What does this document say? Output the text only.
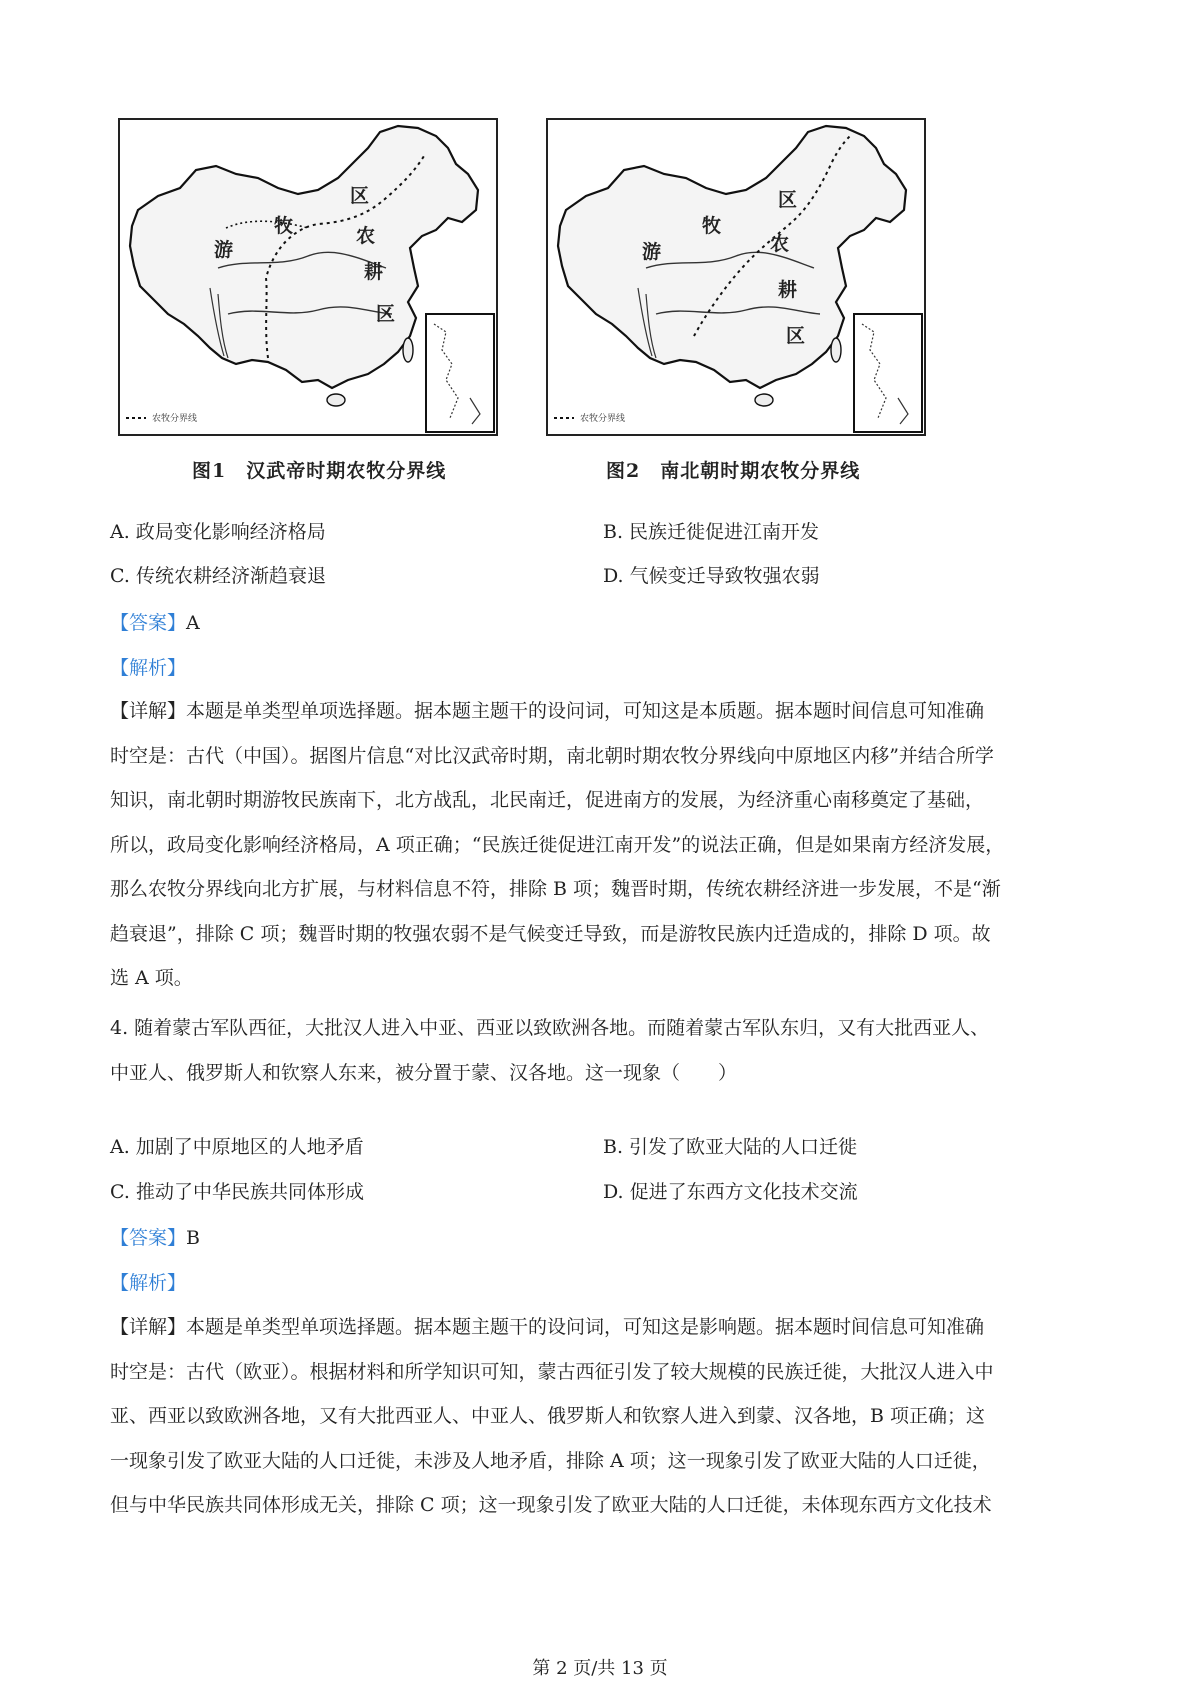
游
牧
区
农
耕
区
农牧分界线
游
牧
区
农
耕
区
农牧分界线
图1　汉武帝时期农牧分界线	图2　南北朝时期农牧分界线
A. 政局变化影响经济格局	B. 民族迁徙促进江南开发
C. 传统农耕经济渐趋衰退	D. 气候变迁导致牧强农弱
【答案】A
【解析】
【详解】本题是单类型单项选择题。据本题主题干的设问词，可知这是本质题。据本题时间信息可知准确
时空是：古代（中国）。据图片信息“对比汉武帝时期，南北朝时期农牧分界线向中原地区内移”并结合所学
知识，南北朝时期游牧民族南下，北方战乱，北民南迁，促进南方的发展，为经济重心南移奠定了基础，
所以，政局变化影响经济格局，A 项正确；“民族迁徙促进江南开发”的说法正确，但是如果南方经济发展，
那么农牧分界线向北方扩展，与材料信息不符，排除 B 项；魏晋时期，传统农耕经济进一步发展，不是“渐
趋衰退”，排除 C 项；魏晋时期的牧强农弱不是气候变迁导致，而是游牧民族内迁造成的，排除 D 项。故
选 A 项。
4. 随着蒙古军队西征，大批汉人进入中亚、西亚以致欧洲各地。而随着蒙古军队东归，又有大批西亚人、
中亚人、俄罗斯人和钦察人东来，被分置于蒙、汉各地。这一现象（　　）
A. 加剧了中原地区的人地矛盾	B. 引发了欧亚大陆的人口迁徙
C. 推动了中华民族共同体形成	D. 促进了东西方文化技术交流
【答案】B
【解析】
【详解】本题是单类型单项选择题。据本题主题干的设问词，可知这是影响题。据本题时间信息可知准确
时空是：古代（欧亚）。根据材料和所学知识可知，蒙古西征引发了较大规模的民族迁徙，大批汉人进入中
亚、西亚以致欧洲各地，又有大批西亚人、中亚人、俄罗斯人和钦察人进入到蒙、汉各地，B 项正确；这
一现象引发了欧亚大陆的人口迁徙，未涉及人地矛盾，排除 A 项；这一现象引发了欧亚大陆的人口迁徙，
但与中华民族共同体形成无关，排除 C 项；这一现象引发了欧亚大陆的人口迁徙，未体现东西方文化技术
第 2 页/共 13 页
